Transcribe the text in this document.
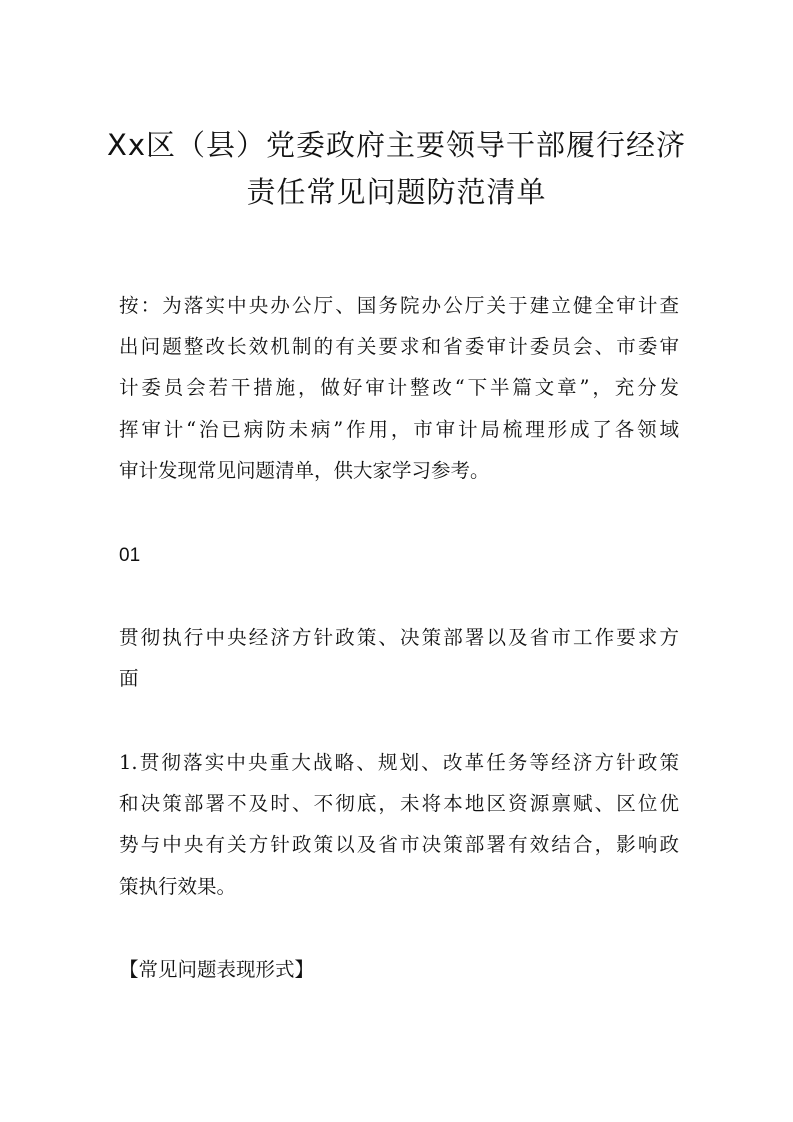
Xx区（县）党委政府主要领导干部履行经济
责任常见问题防范清单
按：为落实中央办公厅、国务院办公厅关于建立健全审计查
出问题整改长效机制的有关要求和省委审计委员会、市委审
计委员会若干措施，做好审计整改“下半篇文章”，充分发
挥审计“治已病防未病”作用，市审计局梳理形成了各领域
审计发现常见问题清单，供大家学习参考。
01
贯彻执行中央经济方针政策、决策部署以及省市工作要求方
面
1.贯彻落实中央重大战略、规划、改革任务等经济方针政策
和决策部署不及时、不彻底，未将本地区资源禀赋、区位优
势与中央有关方针政策以及省市决策部署有效结合，影响政
策执行效果。
【常见问题表现形式】
